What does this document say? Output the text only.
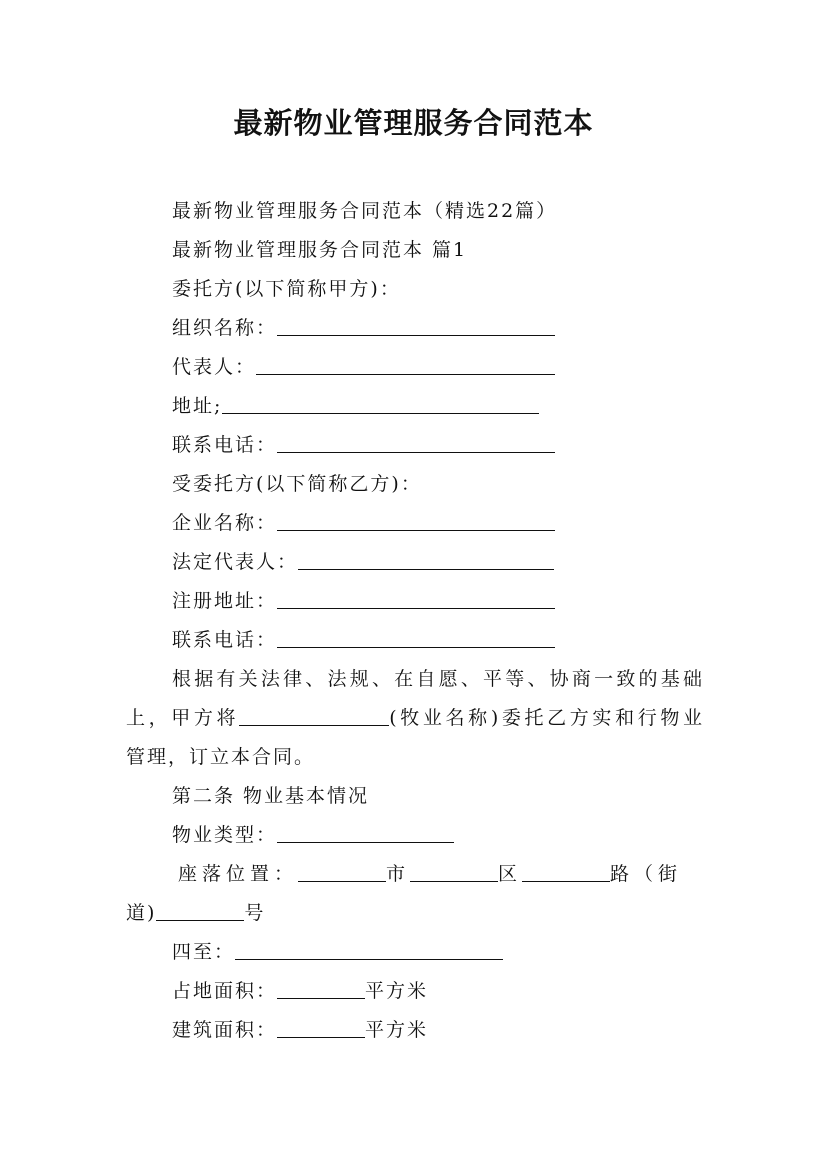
最新物业管理服务合同范本
最新物业管理服务合同范本（精选22篇）
最新物业管理服务合同范本 篇1
委托方(以下简称甲方)：
组织名称：
代表人：
地址;
联系电话：
受委托方(以下简称乙方)：
企业名称：
法定代表人：
注册地址：
联系电话：
根据有关法律、法规、在自愿、平等、协商一致的基础
上，甲方将	(牧业名称)委托乙方实和行物业
管理，订立本合同。
第二条 物业基本情况
物业类型：
座落位置：	市	区	路（街
道)	号
四至：
占地面积：	平方米
建筑面积：	平方米
